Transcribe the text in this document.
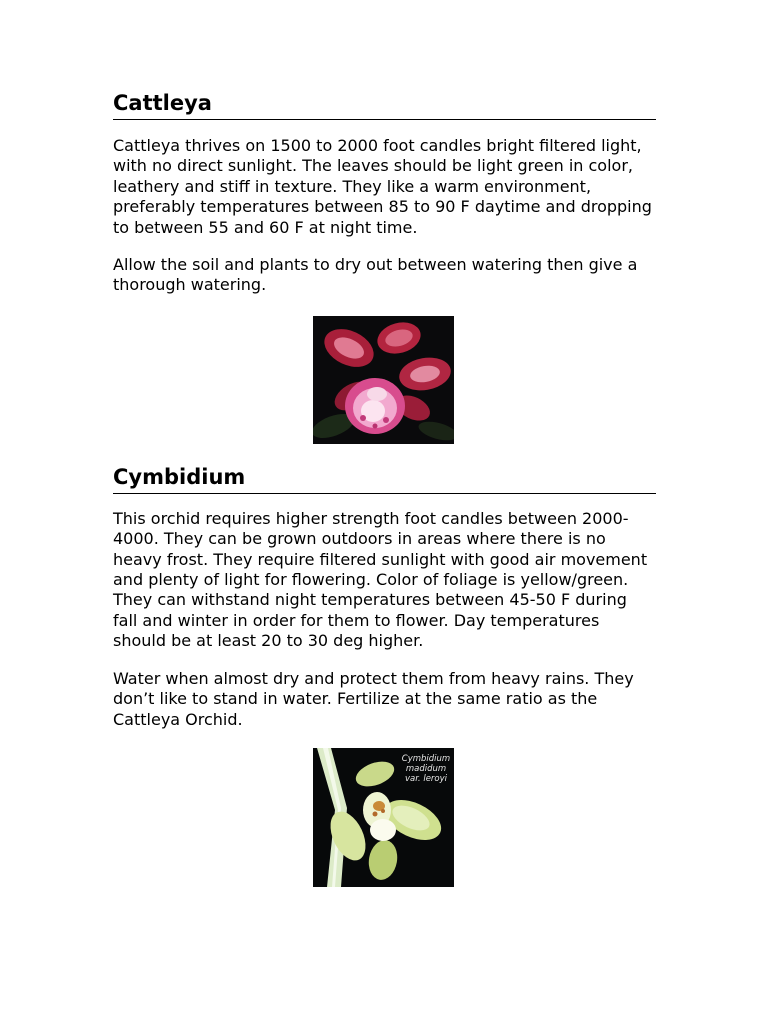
Cattleya

Cattleya thrives on 1500 to 2000 foot candles bright filtered light, with no direct sunlight. The leaves should be light green in color, leathery and stiff in texture. They like a warm environment, preferably temperatures between 85 to 90 F daytime and dropping to between 55 and 60 F at night time.

Allow the soil and plants to dry out between watering then give a thorough watering.

Cymbidium

This orchid requires higher strength foot candles between 2000-4000. They can be grown outdoors in areas where there is no heavy frost. They require filtered sunlight with good air movement and plenty of light for flowering. Color of foliage is yellow/green. They can withstand night temperatures between 45-50 F during fall and winter in order for them to flower. Day temperatures should be at least 20 to 30 deg higher.

Water when almost dry and protect them from heavy rains. They don’t like to stand in water. Fertilize at the same ratio as the Cattleya Orchid.

Cymbidium
madidum
var. leroyi
